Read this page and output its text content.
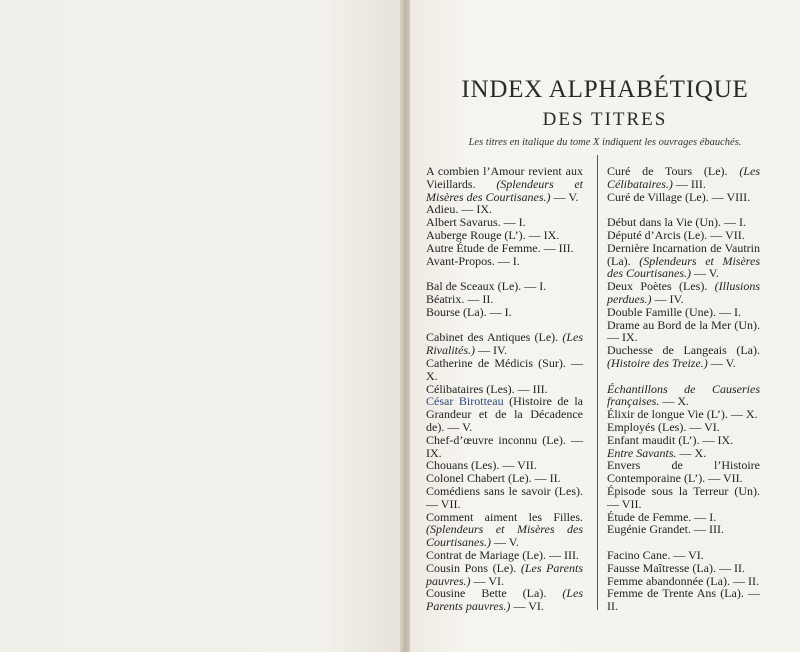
INDEX ALPHABÉTIQUE
DES TITRES
Les titres en italique du tome X indiquent les ouvrages ébauchés.
A combien l’Amour revient aux Vieillards. (Splendeurs et Misères des Courtisanes.) — V.
Adieu. — IX.
Albert Savarus. — I.
Auberge Rouge (L’). — IX.
Autre Étude de Femme. — III.
Avant-Propos. — I.
Bal de Sceaux (Le). — I.
Béatrix. — II.
Bourse (La). — I.
Cabinet des Antiques (Le). (Les Rivalités.) — IV.
Catherine de Médicis (Sur). — X.
Célibataires (Les). — III.
César Birotteau (Histoire de la Grandeur et de la Décadence de). — V.
Chef-d’œuvre inconnu (Le). — IX.
Chouans (Les). — VII.
Colonel Chabert (Le). — II.
Comédiens sans le savoir (Les). — VII.
Comment aiment les Filles. (Splendeurs et Misères des Courtisanes.) — V.
Contrat de Mariage (Le). — III.
Cousin Pons (Le). (Les Parents pauvres.) — VI.
Cousine Bette (La). (Les Parents pauvres.) — VI.
Curé de Tours (Le). (Les Célibataires.) — III.
Curé de Village (Le). — VIII.
Début dans la Vie (Un). — I.
Député d’Arcis (Le). — VII.
Dernière Incarnation de Vautrin (La). (Splendeurs et Misères des Courtisanes.) — V.
Deux Poètes (Les). (Illusions perdues.) — IV.
Double Famille (Une). — I.
Drame au Bord de la Mer (Un). — IX.
Duchesse de Langeais (La). (Histoire des Treize.) — V.
Échantillons de Causeries françaises. — X.
Élixir de longue Vie (L’). — X.
Employés (Les). — VI.
Enfant maudit (L’). — IX.
Entre Savants. — X.
Envers de l’Histoire Contemporaine (L’). — VII.
Épisode sous la Terreur (Un). — VII.
Étude de Femme. — I.
Eugénie Grandet. — III.
Facino Cane. — VI.
Fausse Maîtresse (La). — II.
Femme abandonnée (La). — II.
Femme de Trente Ans (La). — II.
